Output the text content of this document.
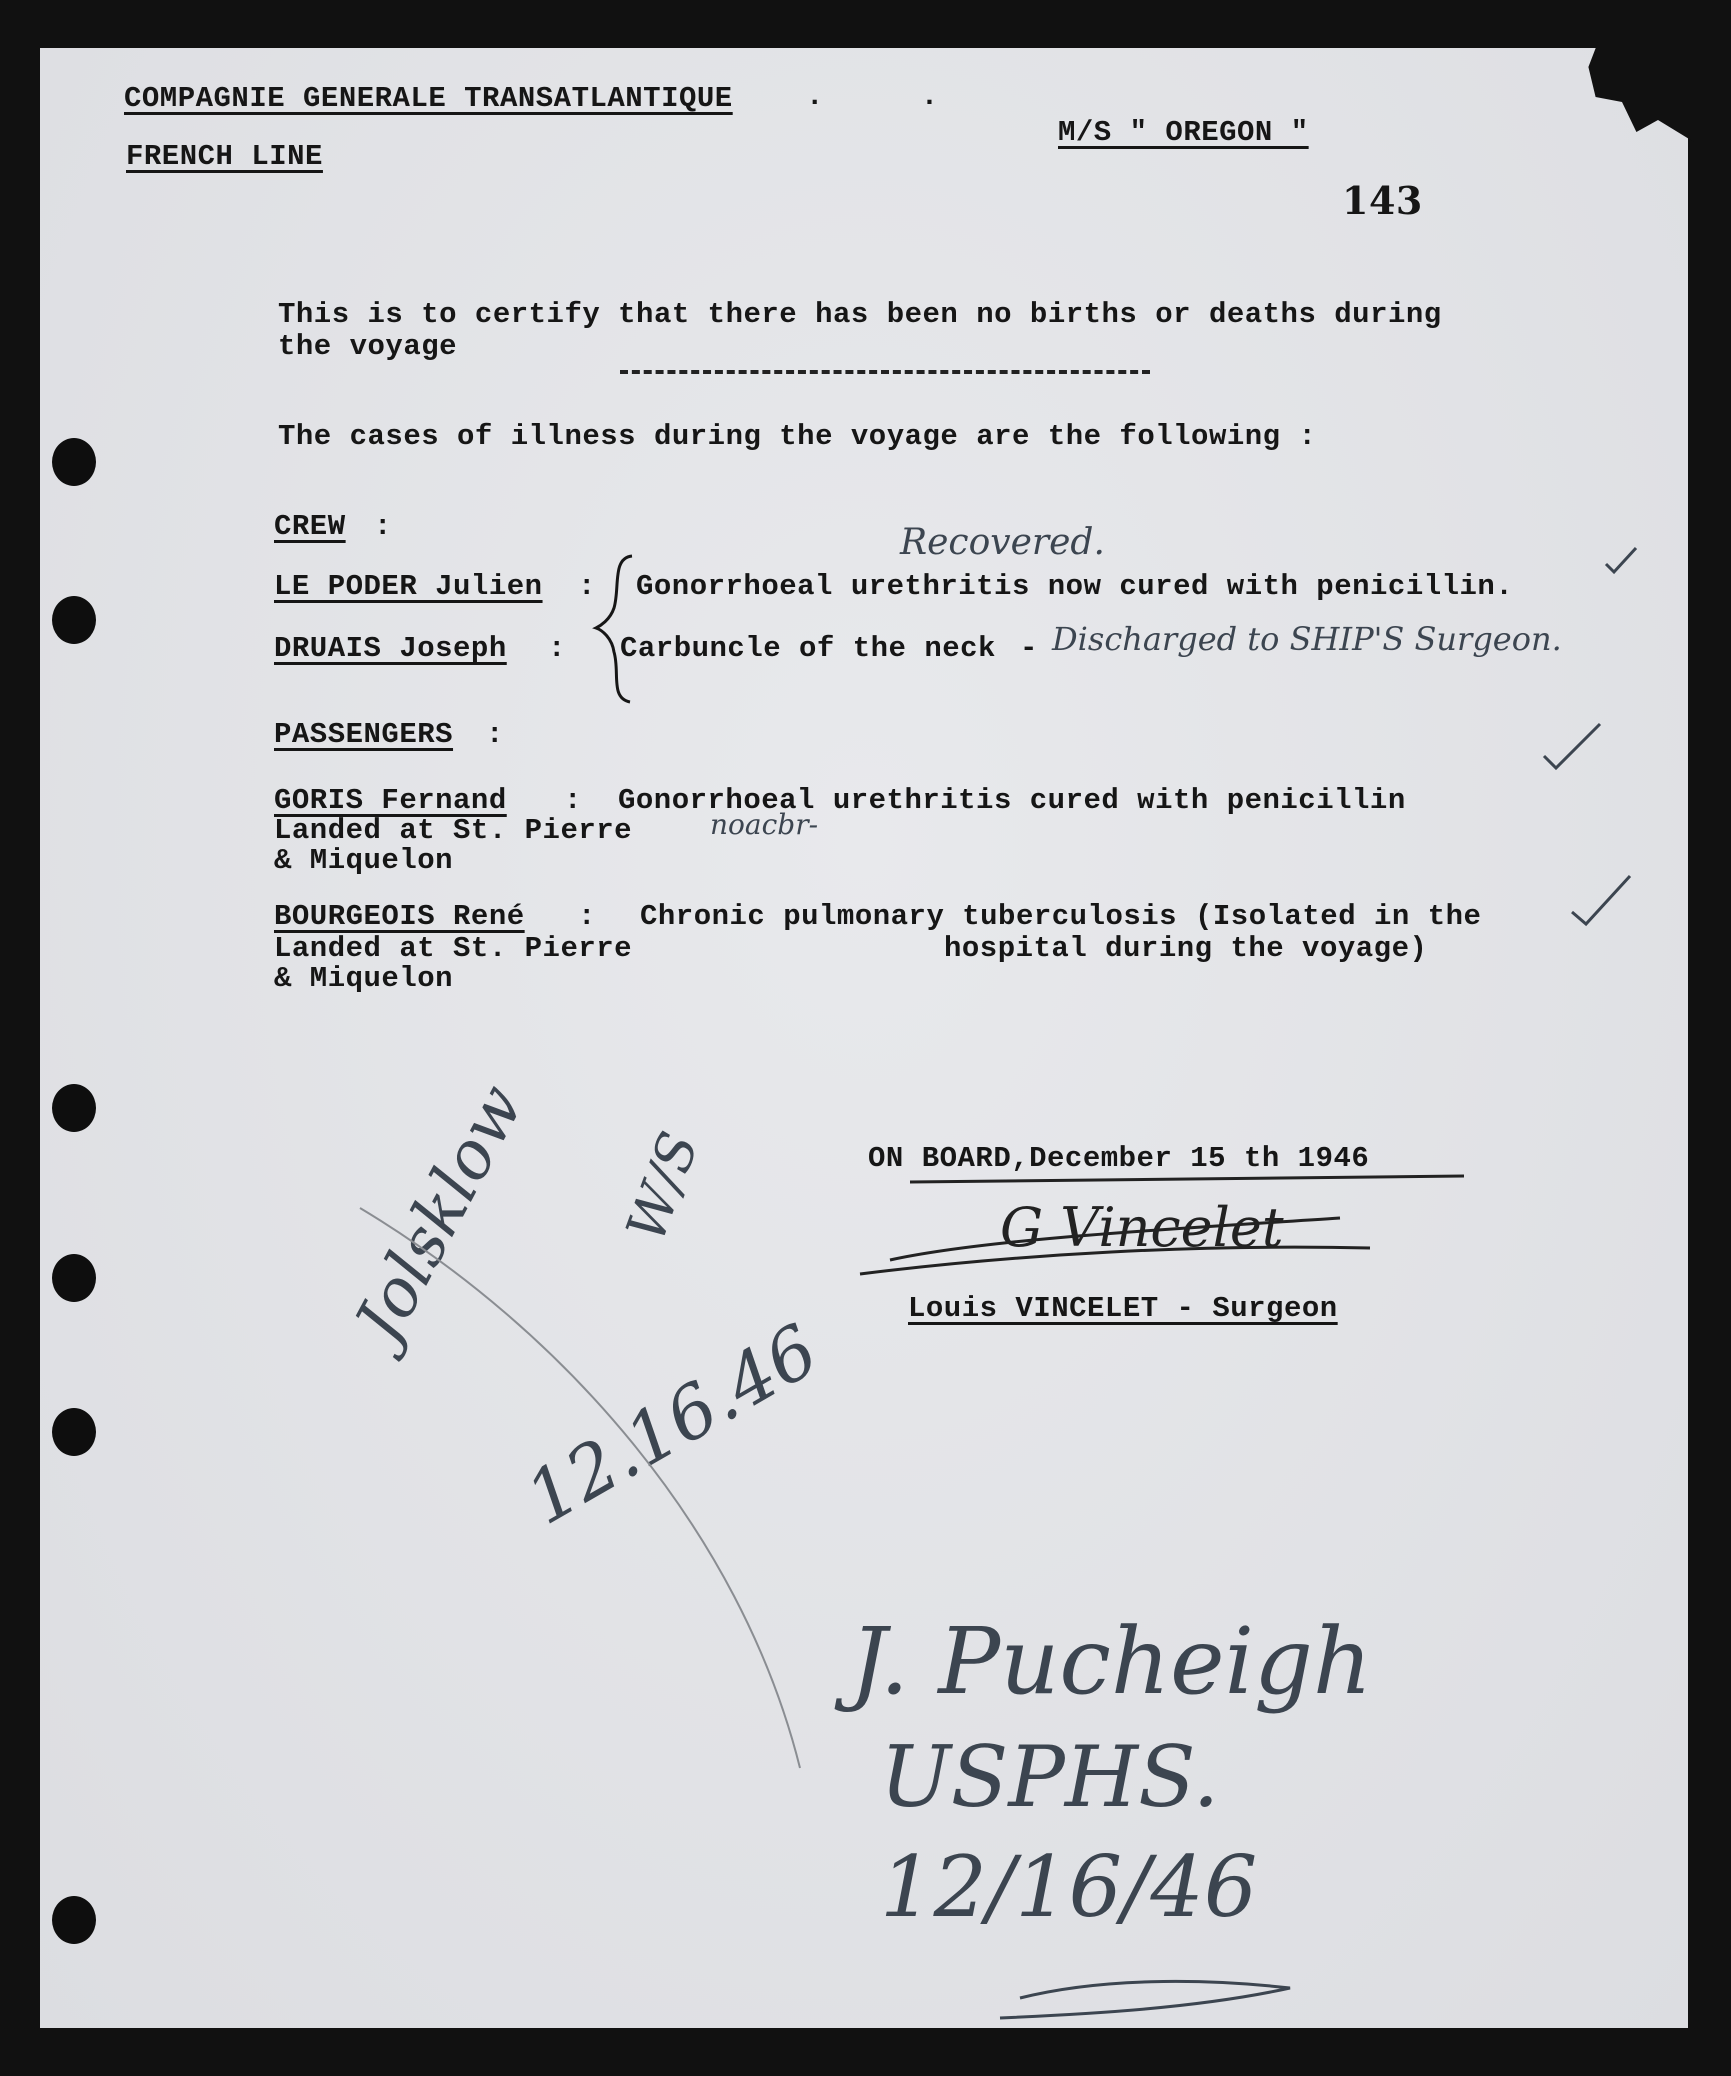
COMPAGNIE GENERALE TRANSATLANTIQUE	. .
FRENCH LINE
M/S " OREGON "
143
This is to certify that there has been no births or deaths during
the voyage
The cases of illness during the voyage are the following :
CREW :
LE PODER Julien : Gonorrhoeal urethritis now cured with penicillin.
Recovered.
DRUAIS Joseph : Carbuncle of the neck - Discharged to SHIP'S Surgeon.
PASSENGERS :
GORIS Fernand : Gonorrhoeal urethritis cured with penicillin
Landed at St. Pierre
& Miquelon
noacbr-
BOURGEOIS René : Chronic pulmonary tuberculosis (Isolated in the
hospital during the voyage)
Landed at St. Pierre
& Miquelon
ON BOARD,December 15 th 1946
Louis VINCELET - Surgeon
G Vincelet
Jolsklow W/S
12.16.46
J. Pucheigh
USPHS.
12/16/46
